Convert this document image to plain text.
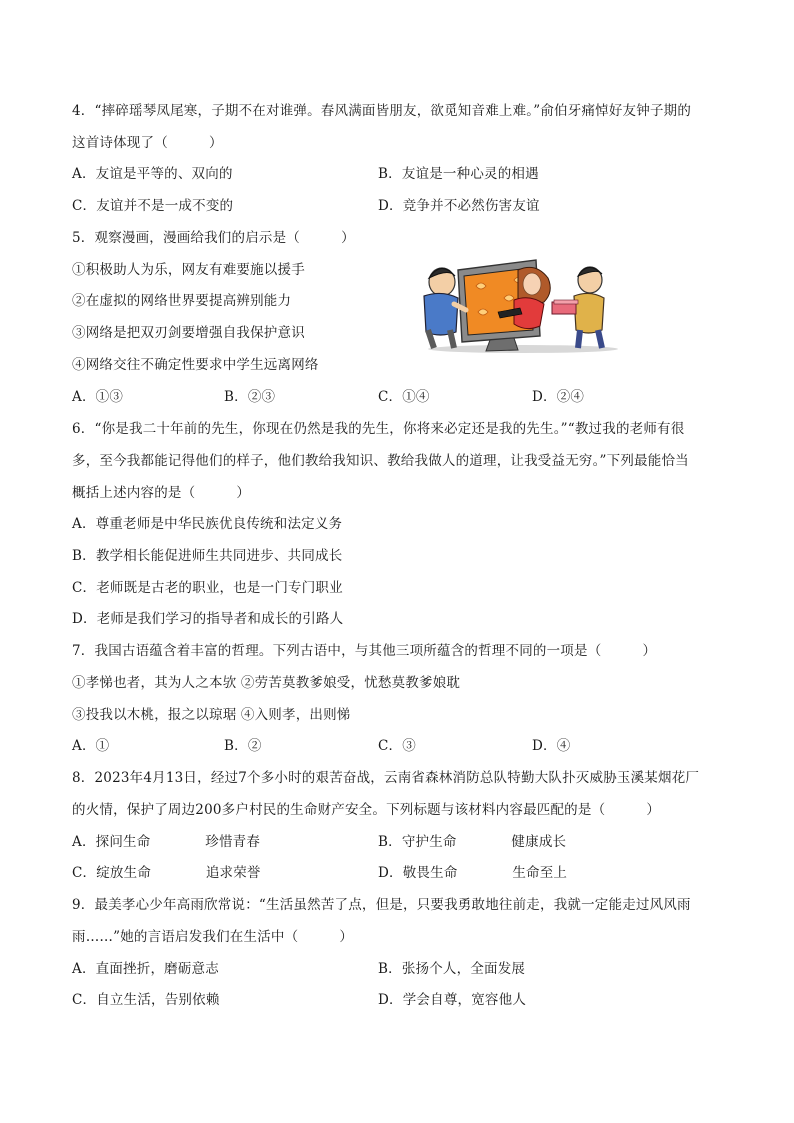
4．“摔碎瑶琴凤尾寒，子期不在对谁弹。春风满面皆朋友，欲觅知音难上难。”俞伯牙痛悼好友钟子期的
这首诗体现了（　　　）
A．友谊是平等的、双向的	B．友谊是一种心灵的相遇
C．友谊并不是一成不变的	D．竞争并不必然伤害友谊
5．观察漫画，漫画给我们的启示是（　　　）
①积极助人为乐，网友有难要施以援手
②在虚拟的网络世界要提高辨别能力
③网络是把双刃剑要增强自我保护意识
④网络交往不确定性要求中学生远离网络
A．①③	B．②③	C．①④	D．②④
6．“你是我二十年前的先生，你现在仍然是我的先生，你将来必定还是我的先生。”“教过我的老师有很
多，至今我都能记得他们的样子，他们教给我知识、教给我做人的道理，让我受益无穷。”下列最能恰当
概括上述内容的是（　　　）
A．尊重老师是中华民族优良传统和法定义务
B．教学相长能促进师生共同进步、共同成长
C．老师既是古老的职业，也是一门专门职业
D．老师是我们学习的指导者和成长的引路人
7．我国古语蕴含着丰富的哲理。下列古语中，与其他三项所蕴含的哲理不同的一项是（　　　）
①孝悌也者，其为人之本欤 ②劳苦莫教爹娘受，忧愁莫教爹娘耽
③投我以木桃，报之以琼琚 ④入则孝，出则悌
A．①	B．②	C．③	D．④
8．2023年4月13日，经过7个多小时的艰苦奋战，云南省森林消防总队特勤大队扑灭威胁玉溪某烟花厂
的火情，保护了周边200多户村民的生命财产安全。下列标题与该材料内容最匹配的是（　　　）
A．探问生命　　　　珍惜青春	B．守护生命　　　　健康成长
C．绽放生命　　　　追求荣誉	D．敬畏生命　　　　生命至上
9．最美孝心少年高雨欣常说：“生活虽然苦了点，但是，只要我勇敢地往前走，我就一定能走过风风雨
雨……”她的言语启发我们在生活中（　　　）
A．直面挫折，磨砺意志	B．张扬个人，全面发展
C．自立生活，告别依赖	D．学会自尊，宽容他人
